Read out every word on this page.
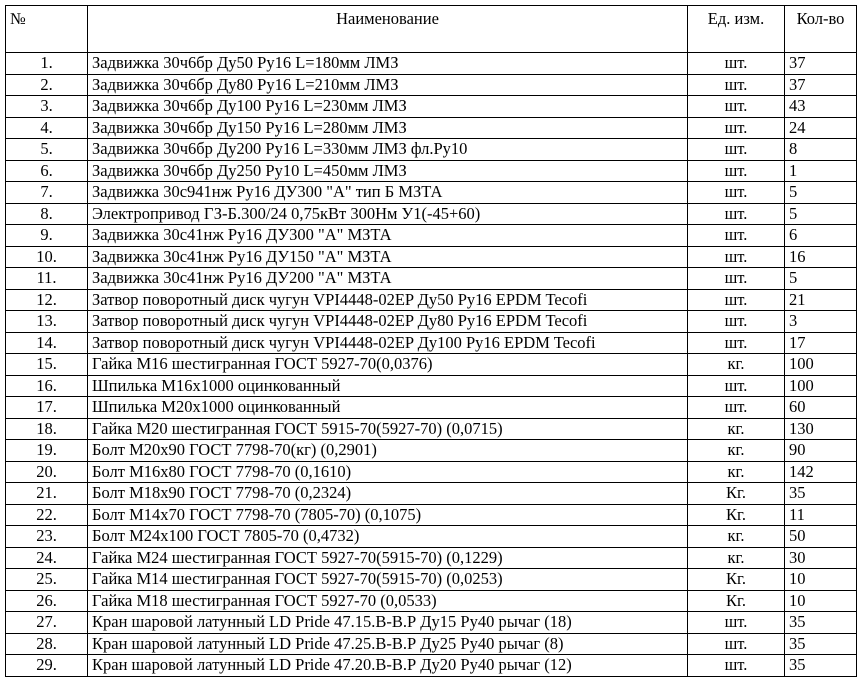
№	Наименование	Ед. изм.	Кол-во
1.	Задвижка 30ч6бр Ду50 Ру16 L=180мм ЛМЗ	шт.	37
2.	Задвижка 30ч6бр Ду80 Ру16 L=210мм ЛМЗ	шт.	37
3.	Задвижка 30ч6бр Ду100 Ру16 L=230мм ЛМЗ	шт.	43
4.	Задвижка 30ч6бр Ду150 Ру16 L=280мм ЛМЗ	шт.	24
5.	Задвижка 30ч6бр Ду200 Ру16 L=330мм ЛМЗ фл.Ру10	шт.	8
6.	Задвижка 30ч6бр Ду250 Ру10 L=450мм ЛМЗ	шт.	1
7.	Задвижка 30с941нж Ру16 ДУ300 "А" тип Б МЗТА	шт.	5
8.	Электропривод ГЗ-Б.300/24 0,75кВт 300Нм У1(-45+60)	шт.	5
9.	Задвижка 30с41нж Ру16 ДУ300 "А" МЗТА	шт.	6
10.	Задвижка 30с41нж Ру16 ДУ150 "А" МЗТА	шт.	16
11.	Задвижка 30с41нж Ру16 ДУ200 "А" МЗТА	шт.	5
12.	Затвор поворотный диск чугун VPI4448-02EP Ду50 Ру16 EPDM Tecofi	шт.	21
13.	Затвор поворотный диск чугун VPI4448-02EP Ду80 Ру16 EPDM Tecofi	шт.	3
14.	Затвор поворотный диск чугун VPI4448-02EP Ду100 Ру16 EPDM Tecofi	шт.	17
15.	Гайка М16 шестигранная ГОСТ 5927-70(0,0376)	кг.	100
16.	Шпилька М16х1000 оцинкованный	шт.	100
17.	Шпилька М20х1000 оцинкованный	шт.	60
18.	Гайка М20 шестигранная ГОСТ 5915-70(5927-70) (0,0715)	кг.	130
19.	Болт М20х90 ГОСТ 7798-70(кг) (0,2901)	кг.	90
20.	Болт М16х80 ГОСТ 7798-70 (0,1610)	кг.	142
21.	Болт М18х90 ГОСТ 7798-70 (0,2324)	Кг.	35
22.	Болт М14х70 ГОСТ 7798-70 (7805-70) (0,1075)	Кг.	11
23.	Болт М24х100 ГОСТ 7805-70 (0,4732)	кг.	50
24.	Гайка М24 шестигранная ГОСТ 5927-70(5915-70) (0,1229)	кг.	30
25.	Гайка М14 шестигранная ГОСТ 5927-70(5915-70) (0,0253)	Кг.	10
26.	Гайка М18 шестигранная ГОСТ 5927-70 (0,0533)	Кг.	10
27.	Кран шаровой латунный LD Pride 47.15.В-В.Р Ду15 Ру40 рычаг (18)	шт.	35
28.	Кран шаровой латунный LD Pride 47.25.В-В.Р Ду25 Ру40 рычаг (8)	шт.	35
29.	Кран шаровой латунный LD Pride 47.20.В-В.Р Ду20 Ру40 рычаг (12)	шт.	35
